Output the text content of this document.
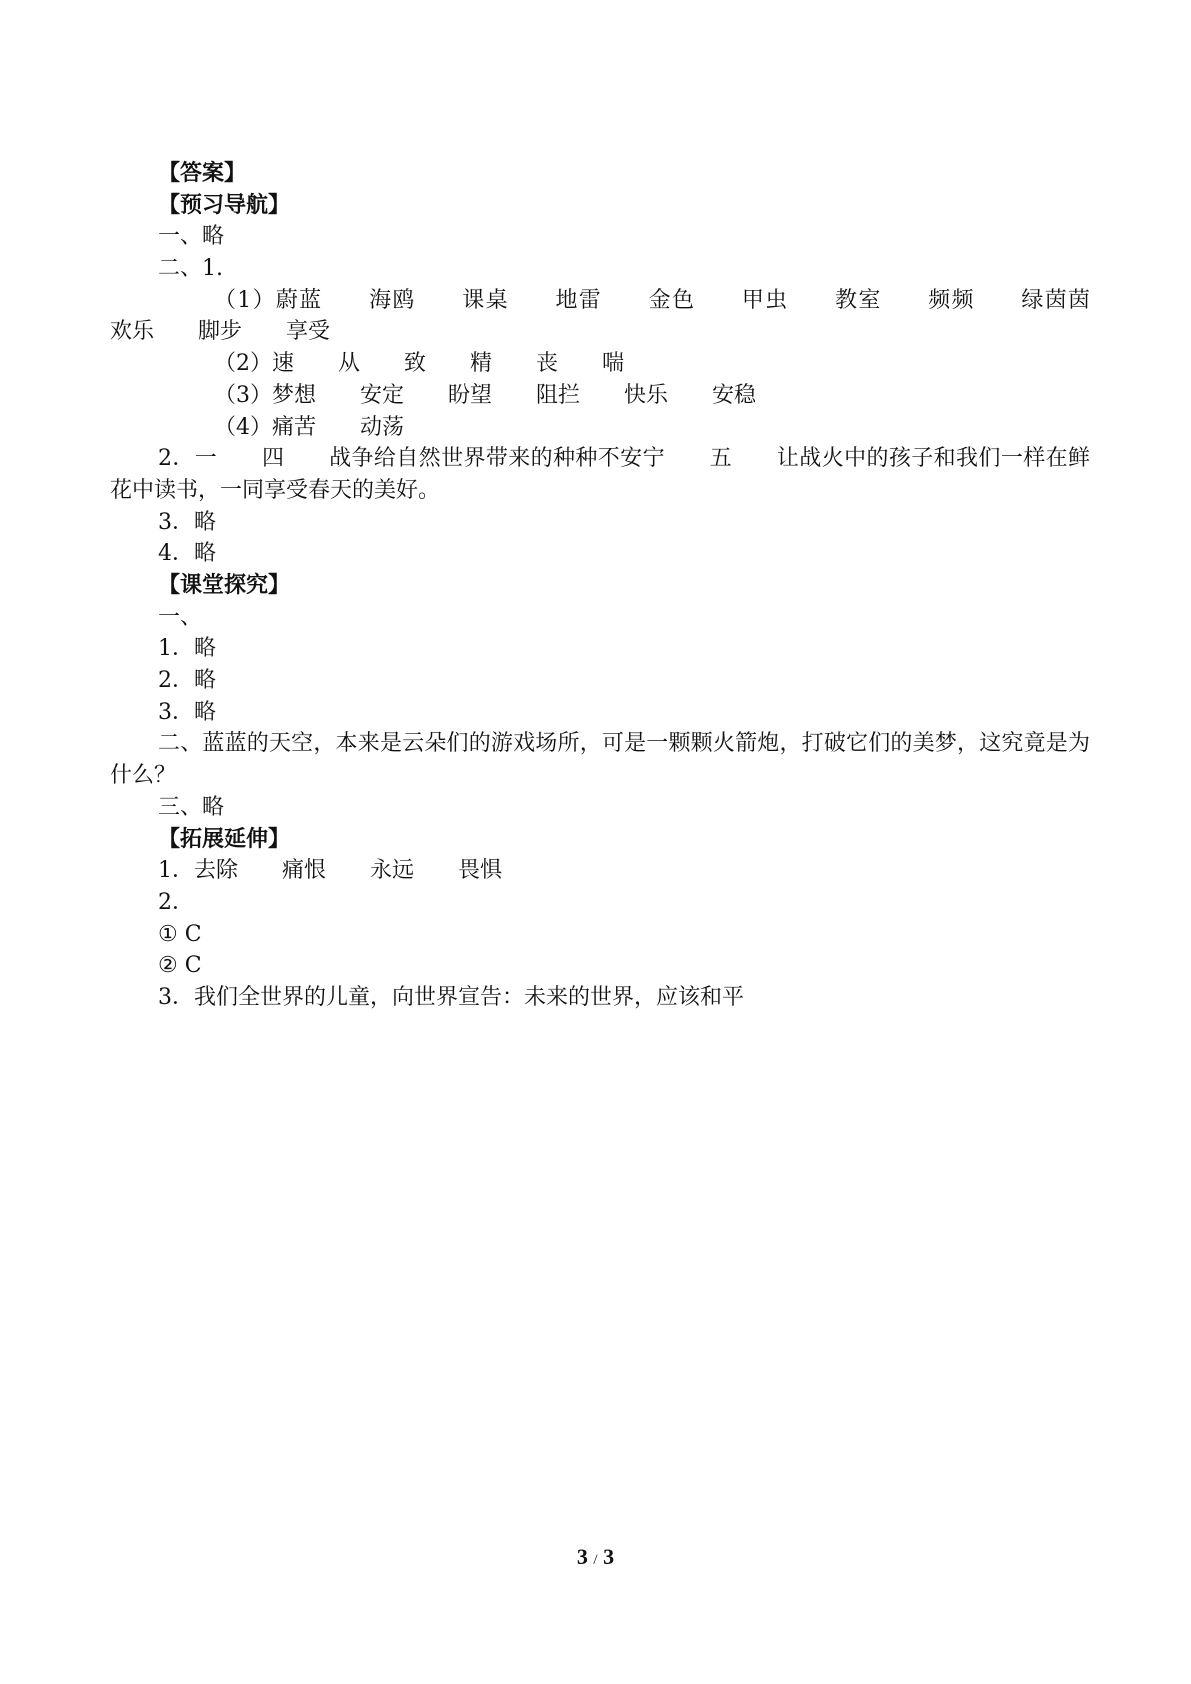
【答案】
【预习导航】
一、略
二、1.
（1）蔚蓝　　海鸥　　课桌　　地雷　　金色　　甲虫　　教室　　频频　　绿茵茵　　欢乐　　脚步　　享受
（2）速　　从　　致　　精　　丧　　喘
（3）梦想　　安定　　盼望　　阻拦　　快乐　　安稳
（4）痛苦　　动荡
2．一　　四　　战争给自然世界带来的种种不安宁　　五　　让战火中的孩子和我们一样在鲜花中读书，一同享受春天的美好。
3．略
4．略
【课堂探究】
一、
1．略
2．略
3．略
二、蓝蓝的天空，本来是云朵们的游戏场所，可是一颗颗火箭炮，打破它们的美梦，这究竟是为什么？
三、略
【拓展延伸】
1．去除　　痛恨　　永远　　畏惧
2．
① C
② C
3．我们全世界的儿童，向世界宣告：未来的世界，应该和平
3 / 3
